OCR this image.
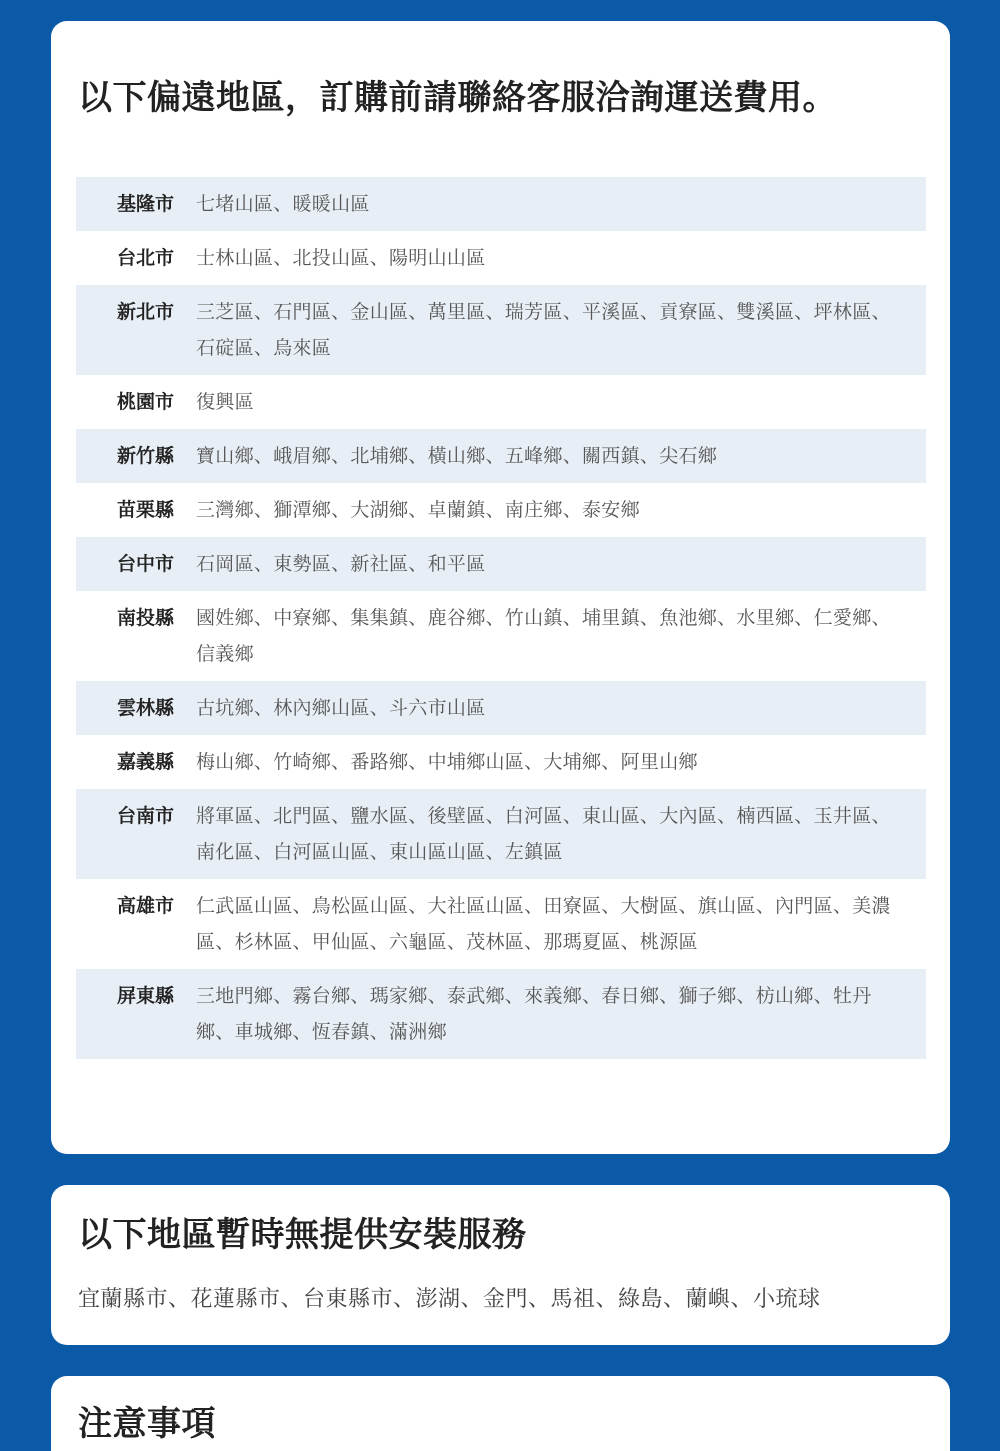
以下偏遠地區，訂購前請聯絡客服洽詢運送費用。
基隆市	七堵山區、暖暖山區
台北市	士林山區、北投山區、陽明山山區
新北市	三芝區、石門區、金山區、萬里區、瑞芳區、平溪區、貢寮區、雙溪區、坪林區、石碇區、烏來區
桃園市	復興區
新竹縣	寶山鄉、峨眉鄉、北埔鄉、橫山鄉、五峰鄉、關西鎮、尖石鄉
苗栗縣	三灣鄉、獅潭鄉、大湖鄉、卓蘭鎮、南庄鄉、泰安鄉
台中市	石岡區、東勢區、新社區、和平區
南投縣	國姓鄉、中寮鄉、集集鎮、鹿谷鄉、竹山鎮、埔里鎮、魚池鄉、水里鄉、仁愛鄉、信義鄉
雲林縣	古坑鄉、林內鄉山區、斗六市山區
嘉義縣	梅山鄉、竹崎鄉、番路鄉、中埔鄉山區、大埔鄉、阿里山鄉
台南市	將軍區、北門區、鹽水區、後壁區、白河區、東山區、大內區、楠西區、玉井區、南化區、白河區山區、東山區山區、左鎮區
高雄市	仁武區山區、鳥松區山區、大社區山區、田寮區、大樹區、旗山區、內門區、美濃區、杉林區、甲仙區、六龜區、茂林區、那瑪夏區、桃源區
屏東縣	三地門鄉、霧台鄉、瑪家鄉、泰武鄉、來義鄉、春日鄉、獅子鄉、枋山鄉、牡丹鄉、車城鄉、恆春鎮、滿洲鄉
以下地區暫時無提供安裝服務

宜蘭縣市、花蓮縣市、台東縣市、澎湖、金門、馬祖、綠島、蘭嶼、小琉球

注意事項
